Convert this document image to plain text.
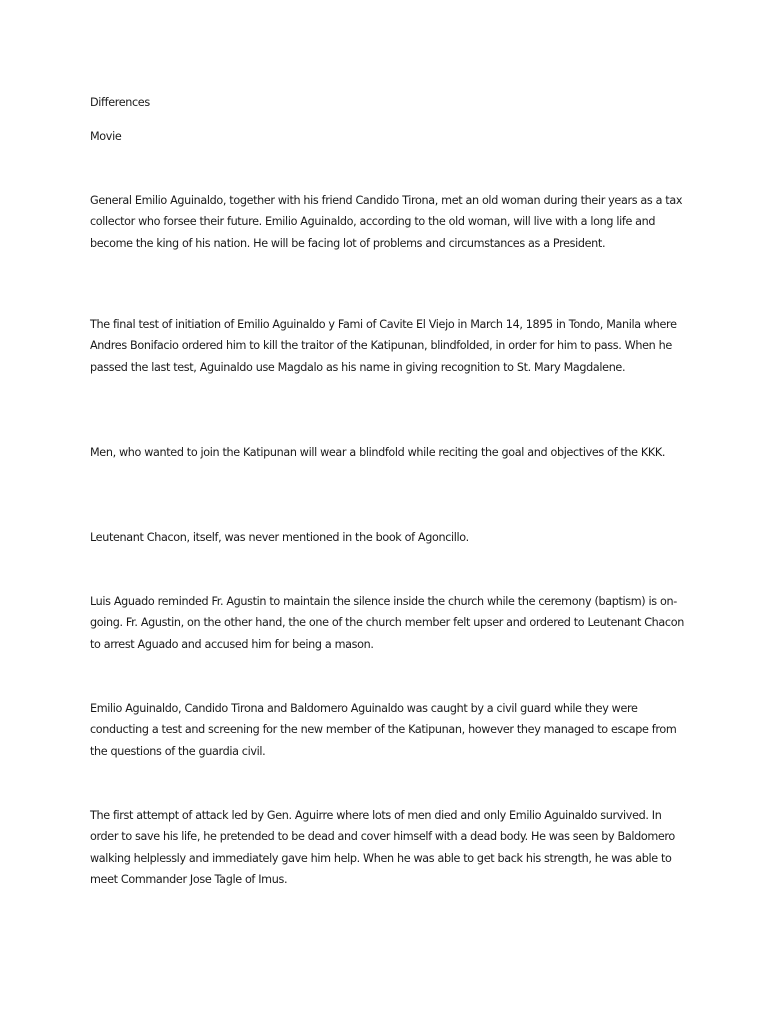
Differences

Movie

General Emilio Aguinaldo, together with his friend Candido Tirona, met an old woman during their years as a tax collector who forsee their future. Emilio Aguinaldo, according to the old woman, will live with a long life and become the king of his nation. He will be facing lot of problems and circumstances as a President.

The final test of initiation of Emilio Aguinaldo y Fami of Cavite El Viejo in March 14, 1895 in Tondo, Manila where Andres Bonifacio ordered him to kill the traitor of the Katipunan, blindfolded, in order for him to pass. When he passed the last test, Aguinaldo use Magdalo as his name in giving recognition to St. Mary Magdalene.

Men, who wanted to join the Katipunan will wear a blindfold while reciting the goal and objectives of the KKK.

Leutenant Chacon, itself, was never mentioned in the book of Agoncillo.

Luis Aguado reminded Fr. Agustin to maintain the silence inside the church while the ceremony (baptism) is on-going. Fr. Agustin, on the other hand, the one of the church member felt upser and ordered to Leutenant Chacon to arrest Aguado and accused him for being a mason.

Emilio Aguinaldo, Candido Tirona and Baldomero Aguinaldo was caught by a civil guard while they were conducting a test and screening for the new member of the Katipunan, however they managed to escape from the questions of the guardia civil.

The first attempt of attack led by Gen. Aguirre where lots of men died and only Emilio Aguinaldo survived. In order to save his life, he pretended to be dead and cover himself with a dead body. He was seen by Baldomero walking helplessly and immediately gave him help. When he was able to get back his strength, he was able to meet Commander Jose Tagle of Imus.
